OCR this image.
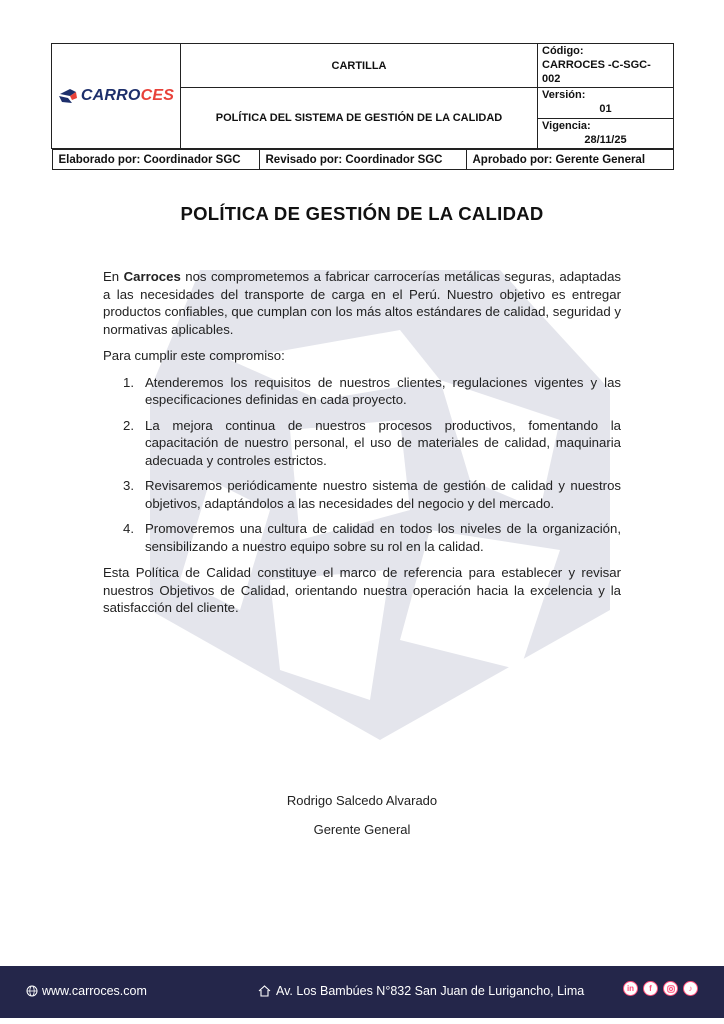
CARROCES
	CARTILLA	
Código:
CARROCES -C-SGC-002

POLÍTICA DEL SISTEMA DE GESTIÓN DE LA CALIDAD	
Versión:
01

Vigencia:
28/11/25

Elaborado por: Coordinador SGC	Revisado por: Coordinador SGC	Aprobado por: Gerente General
POLÍTICA DE GESTIÓN DE LA CALIDAD

En Carroces nos comprometemos a fabricar carrocerías metálicas seguras, adaptadas a las necesidades del transporte de carga en el Perú. Nuestro objetivo es entregar productos confiables, que cumplan con los más altos estándares de calidad, seguridad y normativas aplicables.

Para cumplir este compromiso:

1. Atenderemos los requisitos de nuestros clientes, regulaciones vigentes y las especificaciones definidas en cada proyecto.
2. La mejora continua de nuestros procesos productivos, fomentando la capacitación de nuestro personal, el uso de materiales de calidad, maquinaria adecuada y controles estrictos.
3. Revisaremos periódicamente nuestro sistema de gestión de calidad y nuestros objetivos, adaptándolos a las necesidades del negocio y del mercado.
4. Promoveremos una cultura de calidad en todos los niveles de la organización, sensibilizando a nuestro equipo sobre su rol en la calidad.

Esta Política de Calidad constituye el marco de referencia para establecer y revisar nuestros Objetivos de Calidad, orientando nuestra operación hacia la excelencia y la satisfacción del cliente.

Rodrigo Salcedo Alvarado
Gerente General
www.carroces.com	Av. Los Bambúes N°832 San Juan de Lurigancho, Lima	in	f	♪
